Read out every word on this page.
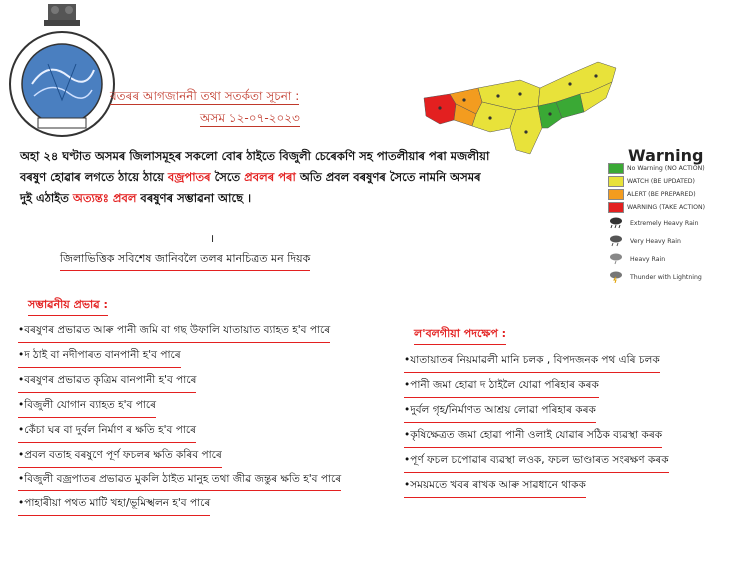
বতৰৰ আগজাননী তথা সতৰ্কতা সূচনা :
অসম ১২-০৭-২০২৩
অহা ২৪ ঘণ্টাত অসমৰ জিলাসমূহৰ সকলো বোৰ ঠাইতে বিজুলী চেৰেকণি সহ পাতলীয়াৰ পৰা মজলীয়া বৰষুণ হোৱাৰ লগতে ঠায়ে ঠায়ে বজ্ৰপাতৰ সৈতে প্ৰবলৰ পৰা অতি প্ৰবল বৰষুণৰ সৈতে নামনি অসমৰ দুই এঠাইত অত্যন্তঃ প্ৰবল বৰষুণৰ সম্ভাৱনা আছে ।
।
জিলাভিত্তিক সবিশেষ জানিবলৈ তলৰ মানচিত্ৰত মন দিয়ক
Warning
No Warning (NO ACTION)
WATCH (BE UPDATED)
ALERT (BE PREPARED)
WARNING (TAKE ACTION)
Extremely Heavy Rain
Very Heavy Rain
Heavy Rain
Thunder with Lightning
সম্ভাৱনীয় প্ৰভাৱ :
•বৰষুণৰ প্ৰভাৱত আৰু পানী জমি বা গছ উফালি যাতায়াত ব্যাহত হ'ব পাৰে
•দ ঠাই বা নদীপাৰত বানপানী হ'ব পাৰে
•বৰষুণৰ প্ৰভাৱত কৃত্ৰিম বানপানী হ'ব পাৰে
•বিজুলী যোগান ব্যাহত হ'ব পাৰে
•কেঁচা ঘৰ বা দুৰ্বল নিৰ্মাণ ৰ ক্ষতি হ'ব পাৰে
•প্ৰবল বতাহ বৰষুণে পূৰ্ণ ফচলৰ ক্ষতি কৰিব পাৰে
•বিজুলী বজ্ৰপাতৰ প্ৰভাৱত মুকলি ঠাইত মানুহ তথা জীৱ জন্তুৰ ক্ষতি হ'ব পাৰে
•পাহাৰীয়া পথত মাটি খহা/ভূমিস্খলন হ'ব পাৰে
ল'বলগীয়া পদক্ষেপ :
•যাতায়াতৰ নিয়মাৱলী মানি চলক , বিপদজনক পথ এৰি চলক
•পানী জমা হোৱা দ ঠাইলৈ যোৱা পৰিহাৰ কৰক
•দুৰ্বল গৃহ/নিৰ্মাণত আশ্ৰয় লোৱা পৰিহাৰ কৰক
•কৃষিক্ষেত্ৰত জমা হোৱা পানী ওলাই যোৱাৰ সঠিক ব্যৱস্থা কৰক
•পূৰ্ণ ফচল চপোৱাৰ ব্যৱস্থা লওক, ফচল ভাণ্ডাৰত সংৰক্ষণ কৰক
•সময়মতে খবৰ ৰাখক আৰু সাৱধানে থাকক
